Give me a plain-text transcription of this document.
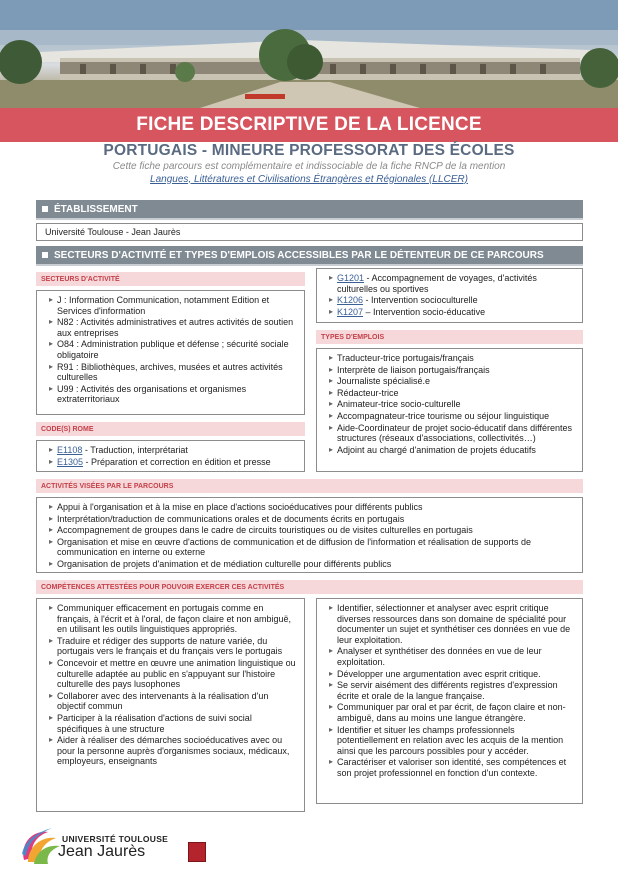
FICHE DESCRIPTIVE DE LA LICENCE
PORTUGAIS - MINEURE PROFESSORAT DES ÉCOLES
Cette fiche parcours est complémentaire et indissociable de la fiche RNCP de la mention
Langues, Littératures et Civilisations Étrangères et Régionales (LLCER)
ÉTABLISSEMENT
Université Toulouse - Jean Jaurès
SECTEURS D'ACTIVITÉ ET TYPES D'EMPLOIS ACCESSIBLES PAR LE DÉTENTEUR DE CE PARCOURS
SECTEURS D'ACTIVITÉ
▸ J : Information Communication, notamment Edition et Services d'information
▸ N82 : Activités administratives et autres activités de soutien aux entreprises
▸ O84 : Administration publique et défense ; sécurité sociale obligatoire
▸ R91 : Bibliothèques, archives, musées et autres activités culturelles
▸ U99 : Activités des organisations et organismes extraterritoriaux
CODE(S) ROME
▸ E1108 - Traduction, interprétariat
▸ E1305 - Préparation et correction en édition et presse
▸ G1201 - Accompagnement de voyages, d'activités culturelles ou sportives
▸ K1206 - Intervention socioculturelle
▸ K1207 – Intervention socio-éducative
TYPES D'EMPLOIS
▸ Traducteur-trice portugais/français
▸ Interprète de liaison portugais/français
▸ Journaliste spécialisé.e
▸ Rédacteur-trice
▸ Animateur-trice socio-culturelle
▸ Accompagnateur-trice tourisme ou séjour linguistique
▸ Aide-Coordinateur de projet socio-éducatif dans différentes structures (réseaux d'associations, collectivités…)
▸ Adjoint au chargé d'animation de projets éducatifs
ACTIVITÉS VISÉES PAR LE PARCOURS
▸ Appui à l'organisation et à la mise en place d'actions socioéducatives pour différents publics
▸ Interprétation/traduction de communications orales et de documents écrits en portugais
▸ Accompagnement de groupes dans le cadre de circuits touristiques ou de visites culturelles en portugais
▸ Organisation et mise en œuvre d'actions de communication et de diffusion de l'information et réalisation de supports de communication en interne ou externe
▸ Organisation de projets d'animation et de médiation culturelle pour différents publics
COMPÉTENCES ATTESTÉES POUR POUVOIR EXERCER CES ACTIVITÉS
▸ Communiquer efficacement en portugais comme en français, à l'écrit et à l'oral, de façon claire et non ambiguë, en utilisant les outils linguistiques appropriés.
▸ Traduire et rédiger des supports de nature variée, du portugais vers le français et du français vers le portugais
▸ Concevoir et mettre en œuvre une animation linguistique ou culturelle adaptée au public en s'appuyant sur l'histoire culturelle des pays lusophones
▸ Collaborer avec des intervenants à la réalisation d'un objectif commun
▸ Participer à la réalisation d'actions de suivi social spécifiques à une structure
▸ Aider à réaliser des démarches socioéducatives avec ou pour la personne auprès d'organismes sociaux, médicaux, employeurs, enseignants
▸ Identifier, sélectionner et analyser avec esprit critique diverses ressources dans son domaine de spécialité pour documenter un sujet et synthétiser ces données en vue de leur exploitation.
▸ Analyser et synthétiser des données en vue de leur exploitation.
▸ Développer une argumentation avec esprit critique.
▸ Se servir aisément des différents registres d'expression écrite et orale de la langue française.
▸ Communiquer par oral et par écrit, de façon claire et non-ambiguë, dans au moins une langue étrangère.
▸ Identifier et situer les champs professionnels potentiellement en relation avec les acquis de la mention ainsi que les parcours possibles pour y accéder.
▸ Caractériser et valoriser son identité, ses compétences et son projet professionnel en fonction d'un contexte.
UNIVERSITÉ TOULOUSE
Jean Jaurès
